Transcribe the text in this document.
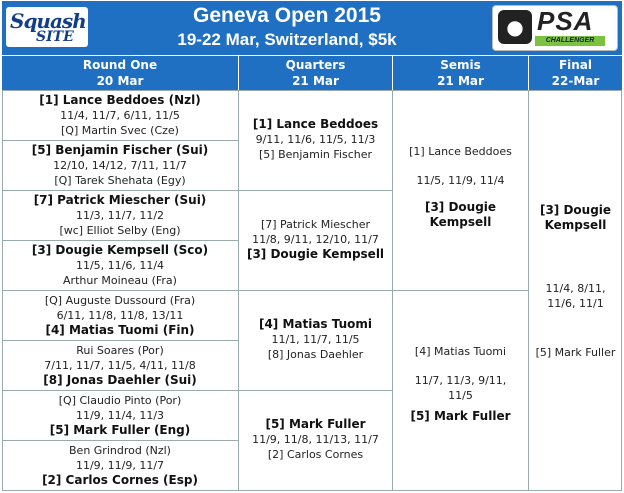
Squash
SITE
Geneva Open 2015
19-22 Mar, Switzerland, $5k
● PSA
CHALLENGER
Round One
20 Mar
Quarters
21 Mar
Semis
21 Mar
Final
22-Mar
[1] Lance Beddoes (Nzl)
11/4, 11/7, 6/11, 11/5
[Q] Martin Svec (Cze)
[5] Benjamin Fischer (Sui)
12/10, 14/12, 7/11, 11/7
[Q] Tarek Shehata (Egy)
[7] Patrick Miescher (Sui)
11/3, 11/7, 11/2
[wc] Elliot Selby (Eng)
[3] Dougie Kempsell (Sco)
11/5, 11/6, 11/4
Arthur Moineau (Fra)
[Q] Auguste Dussourd (Fra)
6/11, 11/8, 11/8, 13/11
[4] Matias Tuomi (Fin)
Rui Soares (Por)
7/11, 11/7, 11/5, 4/11, 11/8
[8] Jonas Daehler (Sui)
[Q] Claudio Pinto (Por)
11/9, 11/4, 11/3
[5] Mark Fuller (Eng)
Ben Grindrod (Nzl)
11/9, 11/9, 11/7
[2] Carlos Cornes (Esp)
[1] Lance Beddoes
9/11, 11/6, 11/5, 11/3
[5] Benjamin Fischer
[7] Patrick Miescher
11/8, 9/11, 12/10, 11/7
[3] Dougie Kempsell
[4] Matias Tuomi
11/1, 11/7, 11/5
[8] Jonas Daehler
[5] Mark Fuller
11/9, 11/8, 11/13, 11/7
[2] Carlos Cornes
[1] Lance Beddoes
11/5, 11/9, 11/4
[3] Dougie Kempsell
[4] Matias Tuomi
11/7, 11/3, 9/11, 11/5
[5] Mark Fuller
[3] Dougie Kempsell
11/4, 8/11, 11/6, 11/1
[5] Mark Fuller
